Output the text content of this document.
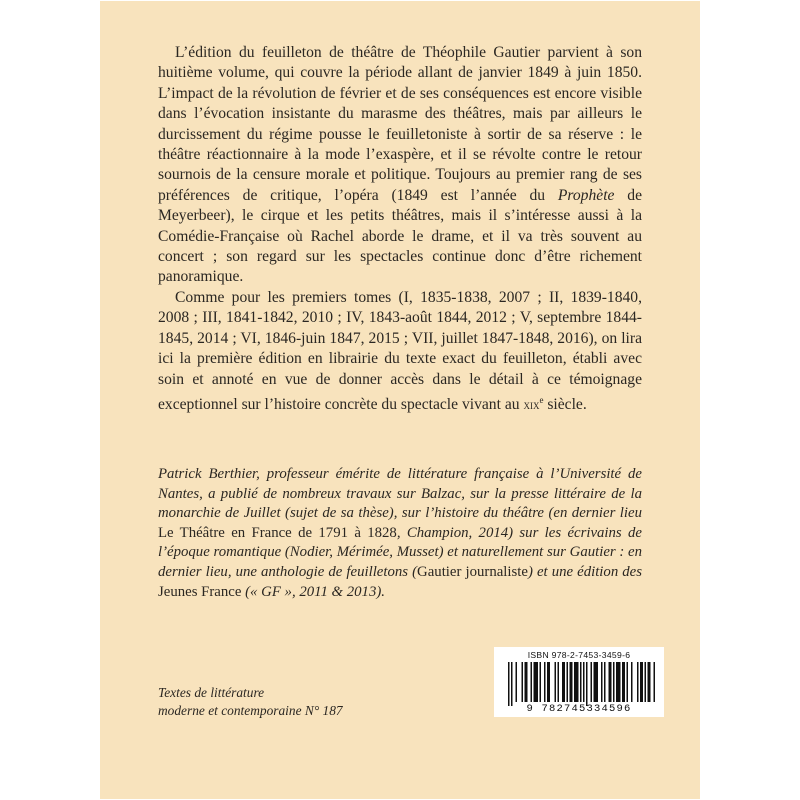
L’édition du feuilleton de théâtre de Théophile Gautier parvient à son huitième volume, qui couvre la période allant de janvier 1849 à juin 1850. L’impact de la révolution de février et de ses conséquences est encore visible dans l’évocation insistante du marasme des théâtres, mais par ailleurs le durcissement du régime pousse le feuilletoniste à sortir de sa réserve : le théâtre réactionnaire à la mode l’exaspère, et il se révolte contre le retour sournois de la censure morale et politique. Toujours au premier rang de ses préférences de critique, l’opéra (1849 est l’année du Prophète de Meyerbeer), le cirque et les petits théâtres, mais il s’intéresse aussi à la Comédie-Française où Rachel aborde le drame, et il va très souvent au concert ; son regard sur les spectacles continue donc d’être richement panoramique.

Comme pour les premiers tomes (I, 1835-1838, 2007 ; II, 1839-1840, 2008 ; III, 1841-1842, 2010 ; IV, 1843-août 1844, 2012 ; V, septembre 1844-1845, 2014 ; VI, 1846-juin 1847, 2015 ; VII, juillet 1847-1848, 2016), on lira ici la première édition en librairie du texte exact du feuilleton, établi avec soin et annoté en vue de donner accès dans le détail à ce témoignage exceptionnel sur l’histoire concrète du spectacle vivant au xix$^e$ siècle.

Patrick Berthier, professeur émérite de littérature française à l’Université de Nantes, a publié de nombreux travaux sur Balzac, sur la presse littéraire de la monarchie de Juillet (sujet de sa thèse), sur l’histoire du théâtre (en dernier lieu Le Théâtre en France de 1791 à 1828, Champion, 2014) sur les écrivains de l’époque romantique (Nodier, Mérimée, Musset) et naturellement sur Gautier : en dernier lieu, une anthologie de feuilletons (Gautier journaliste) et une édition des Jeunes France (« GF », 2011 & 2013).

Textes de littérature
moderne et contemporaine N° 187
ISBN 978-2-7453-3459-6
9 782745334596
